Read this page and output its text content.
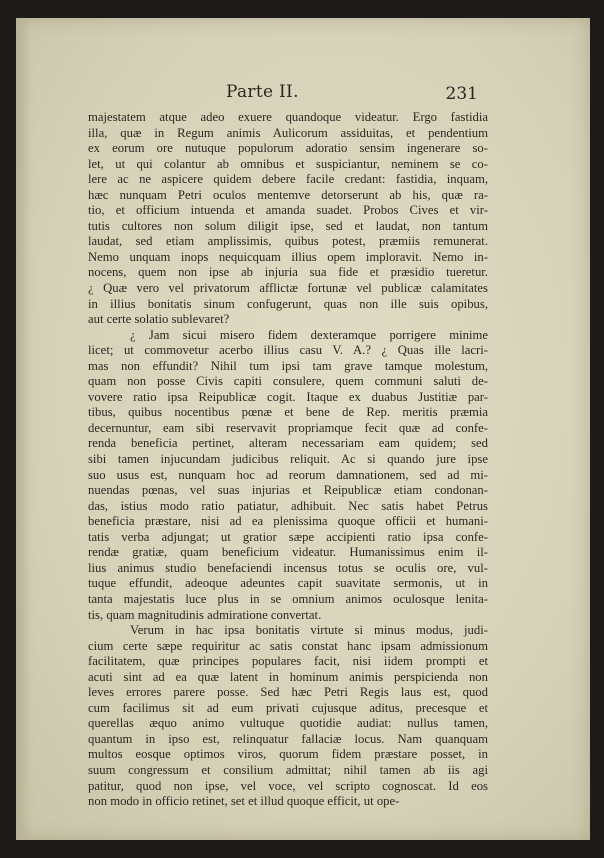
Parte II.	231
majestatem atque adeo exuere quandoque videatur. Ergo fastidia
illa, quæ in Regum animis Aulicorum assiduitas, et pendentium
ex eorum ore nutuque populorum adoratio sensim ingenerare so-
let, ut qui colantur ab omnibus et suspiciantur, neminem se co-
lere ac ne aspicere quidem debere facile credant: fastidia, inquam,
hæc nunquam Petri oculos mentemve detorserunt ab his, quæ ra-
tio, et officium intuenda et amanda suadet. Probos Cives et vir-
tutis cultores non solum diligit ipse, sed et laudat, non tantum
laudat, sed etiam amplissimis, quibus potest, præmiis remunerat.
Nemo unquam inops nequicquam illius opem imploravit. Nemo in-
nocens, quem non ipse ab injuria sua fide et præsidio tueretur.
¿ Quæ vero vel privatorum afflictæ fortunæ vel publicæ calamitates
in illius bonitatis sinum confugerunt, quas non ille suis opibus,
aut certe solatio sublevaret?
¿ Jam sicui misero fidem dexteramque porrigere minime
licet; ut commovetur acerbo illius casu V. A.? ¿ Quas ille lacri-
mas non effundit? Nihil tum ipsi tam grave tamque molestum,
quam non posse Civis capiti consulere, quem communi saluti de-
vovere ratio ipsa Reipublicæ cogit. Itaque ex duabus Justitiæ par-
tibus, quibus nocentibus pœnæ et bene de Rep. meritis præmia
decernuntur, eam sibi reservavit propriamque fecit quæ ad confe-
renda beneficia pertinet, alteram necessariam eam quidem; sed
sibi tamen injucundam judicibus reliquit. Ac si quando jure ipse
suo usus est, nunquam hoc ad reorum damnationem, sed ad mi-
nuendas pœnas, vel suas injurias et Reipublicæ etiam condonan-
das, istius modo ratio patiatur, adhibuit. Nec satis habet Petrus
beneficia præstare, nisi ad ea plenissima quoque officii et humani-
tatis verba adjungat; ut gratior sæpe accipienti ratio ipsa confe-
rendæ gratiæ, quam beneficium videatur. Humanissimus enim il-
lius animus studio benefaciendi incensus totus se oculis ore, vul-
tuque effundit, adeoque adeuntes capit suavitate sermonis, ut in
tanta majestatis luce plus in se omnium animos oculosque lenita-
tis, quam magnitudinis admiratione convertat.
Verum in hac ipsa bonitatis virtute si minus modus, judi-
cium certe sæpe requiritur ac satis constat hanc ipsam admissionum
facilitatem, quæ principes populares facit, nisi iidem prompti et
acuti sint ad ea quæ latent in hominum animis perspicienda non
leves errores parere posse. Sed hæc Petri Regis laus est, quod
cum facilimus sit ad eum privati cujusque aditus, precesque et
querellas æquo animo vultuque quotidie audiat: nullus tamen,
quantum in ipso est, relinquatur fallaciæ locus. Nam quanquam
multos eosque optimos viros, quorum fidem præstare posset, in
suum congressum et consilium admittat; nihil tamen ab iis agi
patitur, quod non ipse, vel voce, vel scripto cognoscat. Id eos
non modo in officio retinet, set et illud quoque efficit, ut ope-
